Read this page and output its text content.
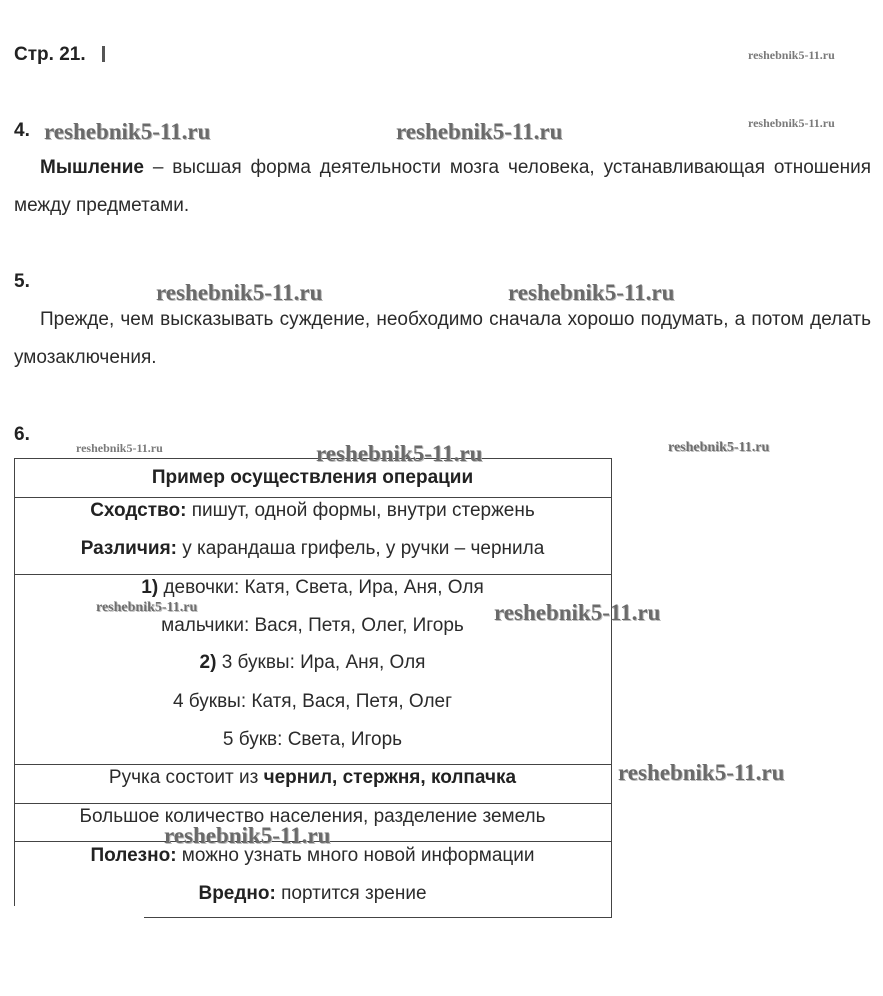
Стр. 21.
4.
Мышление – высшая форма деятельности мозга человека, устанавливающая отношения между предметами.
5.
Прежде, чем высказывать суждение, необходимо сначала хорошо подумать, а потом делать умозаключения.
6.
Пример осуществления операции
Сходство: пишут, одной формы, внутри стержень
Различия: у карандаша грифель, у ручки – чернила
1) девочки: Катя, Света, Ира, Аня, Оля
мальчики: Вася, Петя, Олег, Игорь
2) 3 буквы: Ира, Аня, Оля
4 буквы: Катя, Вася, Петя, Олег
5 букв: Света, Игорь
Ручка состоит из чернил, стержня, колпачка
Большое количество населения, разделение земель
Полезно: можно узнать много новой информации
Вредно: портится зрение
reshebnik5-11.ru
reshebnik5-11.ru
reshebnik5-11.ru	reshebnik5-11.ru
reshebnik5-11.ru	reshebnik5-11.ru
reshebnik5-11.ru	reshebnik5-11.ru	reshebnik5-11.ru
reshebnik5-11.ru	reshebnik5-11.ru
reshebnik5-11.ru
reshebnik5-11.ru
